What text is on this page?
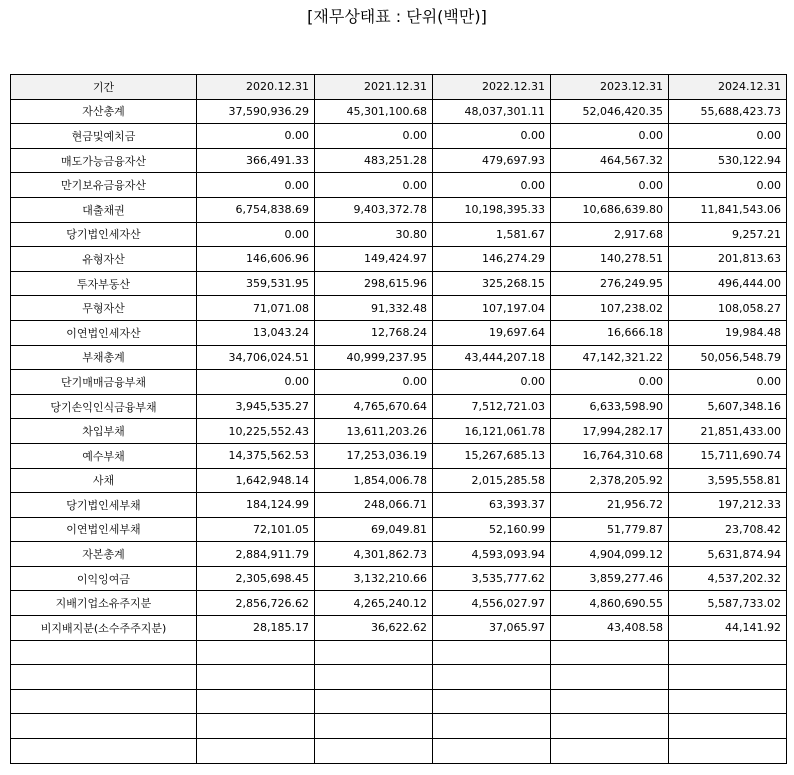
[재무상태표 : 단위(백만)]
기간	2020.12.31	2021.12.31	2022.12.31	2023.12.31	2024.12.31
자산총계	37,590,936.29	45,301,100.68	48,037,301.11	52,046,420.35	55,688,423.73
현금및예치금	0.00	0.00	0.00	0.00	0.00
매도가능금융자산	366,491.33	483,251.28	479,697.93	464,567.32	530,122.94
만기보유금융자산	0.00	0.00	0.00	0.00	0.00
대출채권	6,754,838.69	9,403,372.78	10,198,395.33	10,686,639.80	11,841,543.06
당기법인세자산	0.00	30.80	1,581.67	2,917.68	9,257.21
유형자산	146,606.96	149,424.97	146,274.29	140,278.51	201,813.63
투자부동산	359,531.95	298,615.96	325,268.15	276,249.95	496,444.00
무형자산	71,071.08	91,332.48	107,197.04	107,238.02	108,058.27
이연법인세자산	13,043.24	12,768.24	19,697.64	16,666.18	19,984.48
부채총계	34,706,024.51	40,999,237.95	43,444,207.18	47,142,321.22	50,056,548.79
단기매매금융부채	0.00	0.00	0.00	0.00	0.00
당기손익인식금융부채	3,945,535.27	4,765,670.64	7,512,721.03	6,633,598.90	5,607,348.16
차입부채	10,225,552.43	13,611,203.26	16,121,061.78	17,994,282.17	21,851,433.00
예수부채	14,375,562.53	17,253,036.19	15,267,685.13	16,764,310.68	15,711,690.74
사채	1,642,948.14	1,854,006.78	2,015,285.58	2,378,205.92	3,595,558.81
당기법인세부채	184,124.99	248,066.71	63,393.37	21,956.72	197,212.33
이연법인세부채	72,101.05	69,049.81	52,160.99	51,779.87	23,708.42
자본총계	2,884,911.79	4,301,862.73	4,593,093.94	4,904,099.12	5,631,874.94
이익잉여금	2,305,698.45	3,132,210.66	3,535,777.62	3,859,277.46	4,537,202.32
지배기업소유주지분	2,856,726.62	4,265,240.12	4,556,027.97	4,860,690.55	5,587,733.02
비지배지분(소수주주지분)	28,185.17	36,622.62	37,065.97	43,408.58	44,141.92
